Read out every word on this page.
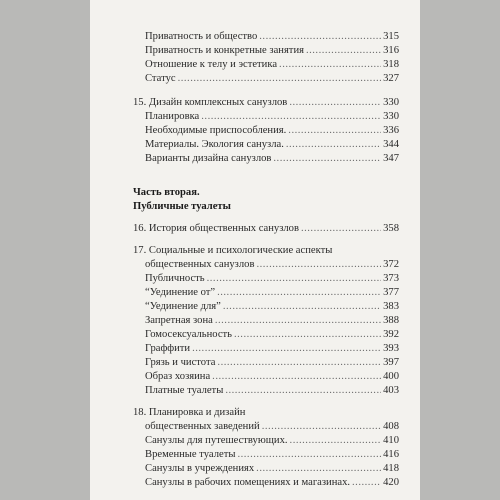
Приватность и общество .....	315
Приватность и конкретные занятия .....	316
Отношение к телу и эстетика .....	318
Статус .....	327
15. Дизайн комплексных санузлов .....	330
Планировка .....	330
Необходимые приспособления. .....	336
Материалы. Экология санузла. .....	344
Варианты дизайна санузлов .....	347
Часть вторая.
Публичные туалеты
16. История общественных санузлов .....	358
17. Социальные и психологические аспекты
общественных санузлов .....	372
Публичность .....	373
“Уединение от” .....	377
“Уединение для” .....	383
Запретная зона .....	388
Гомосексуальность .....	392
Граффити .....	393
Грязь и чистота .....	397
Образ хозяина .....	400
Платные туалеты .....	403
18. Планировка и дизайн
общественных заведений .....	408
Санузлы для путешествующих. .....	410
Временные туалеты .....	416
Санузлы в учреждениях .....	418
Санузлы в рабочих помещениях и магазинах. .....	420
